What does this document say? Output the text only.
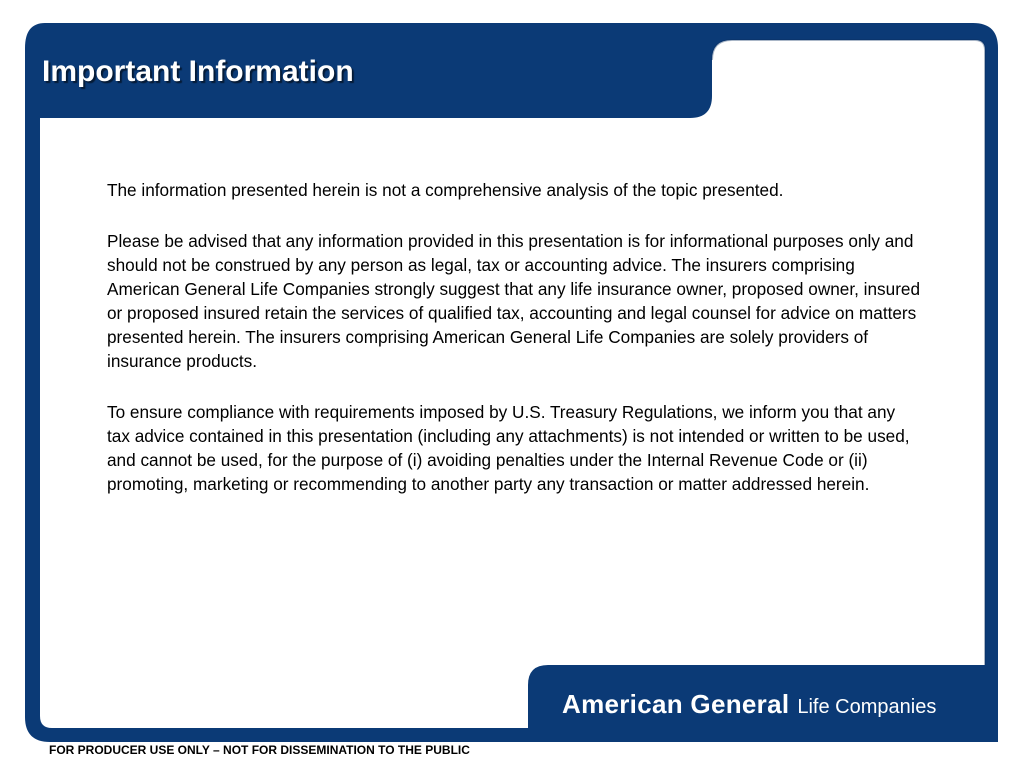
Important Information

The information presented herein is not a comprehensive analysis of the topic presented.

Please be advised that any information provided in this presentation is for informational purposes only and should not be construed by any person as legal, tax or accounting advice. The insurers comprising American General Life Companies strongly suggest that any life insurance owner, proposed owner, insured or proposed insured retain the services of qualified tax, accounting and legal counsel for advice on matters presented herein. The insurers comprising American General Life Companies are solely providers of insurance products.

To ensure compliance with requirements imposed by U.S. Treasury Regulations, we inform you that any tax advice contained in this presentation (including any attachments) is not intended or written to be used, and cannot be used, for the purpose of (i) avoiding penalties under the Internal Revenue Code or (ii) promoting, marketing or recommending to another party any transaction or matter addressed herein.

American General Life Companies
FOR PRODUCER USE ONLY – NOT FOR DISSEMINATION TO THE PUBLIC
